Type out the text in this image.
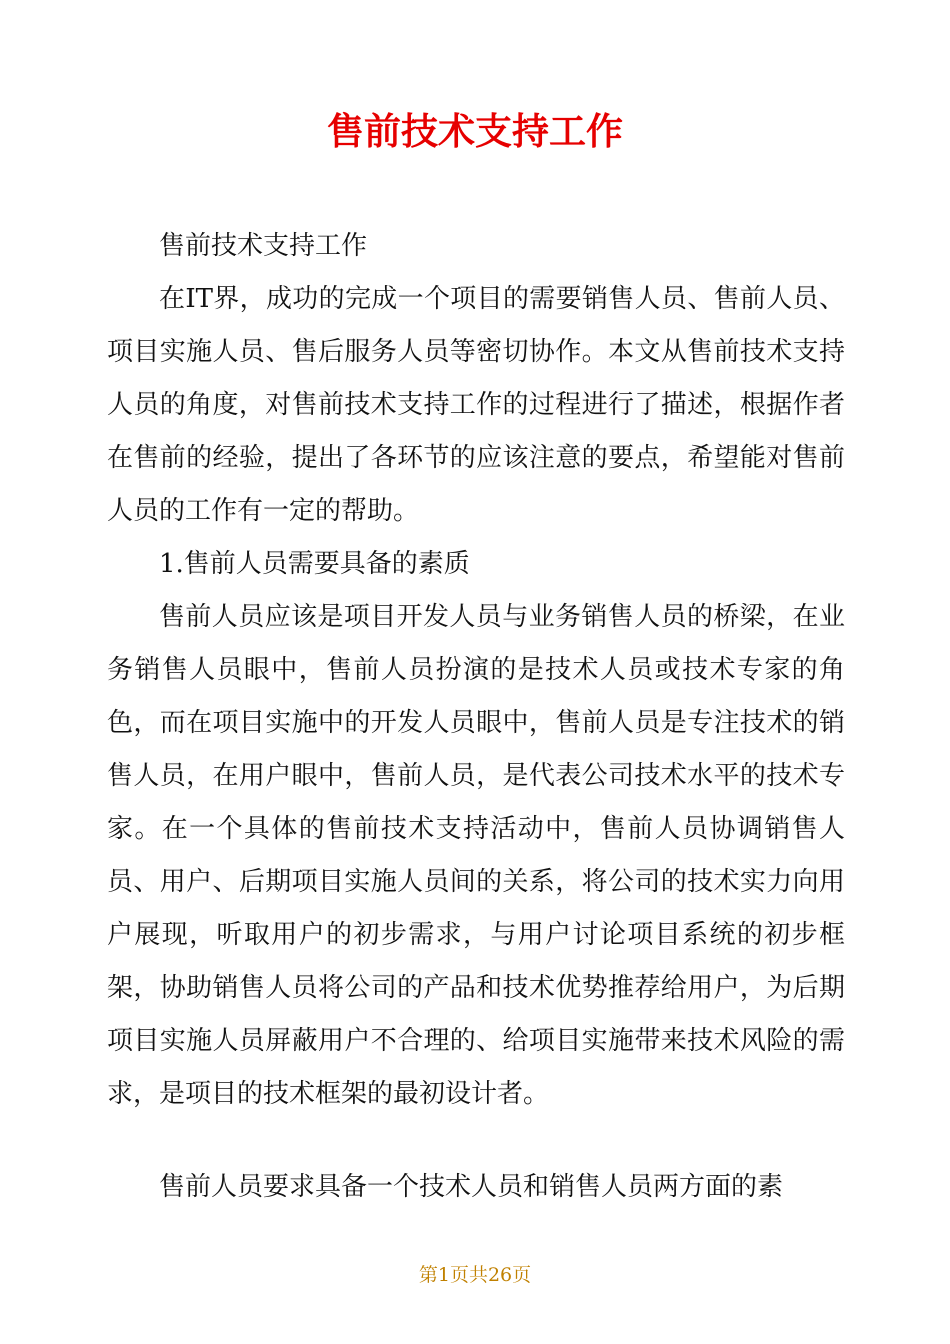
售前技术支持工作

售前技术支持工作

在IT界，成功的完成一个项目的需要销售人员、售前人员、项目实施人员、售后服务人员等密切协作。本文从售前技术支持人员的角度，对售前技术支持工作的过程进行了描述，根据作者在售前的经验，提出了各环节的应该注意的要点，希望能对售前人员的工作有一定的帮助。

1.售前人员需要具备的素质

售前人员应该是项目开发人员与业务销售人员的桥梁，在业务销售人员眼中，售前人员扮演的是技术人员或技术专家的角色，而在项目实施中的开发人员眼中，售前人员是专注技术的销售人员，在用户眼中，售前人员，是代表公司技术水平的技术专家。在一个具体的售前技术支持活动中，售前人员协调销售人员、用户、后期项目实施人员间的关系，将公司的技术实力向用户展现，听取用户的初步需求，与用户讨论项目系统的初步框架，协助销售人员将公司的产品和技术优势推荐给用户，为后期项目实施人员屏蔽用户不合理的、给项目实施带来技术风险的需求，是项目的技术框架的最初设计者。

售前人员要求具备一个技术人员和销售人员两方面的素

第1页共26页
